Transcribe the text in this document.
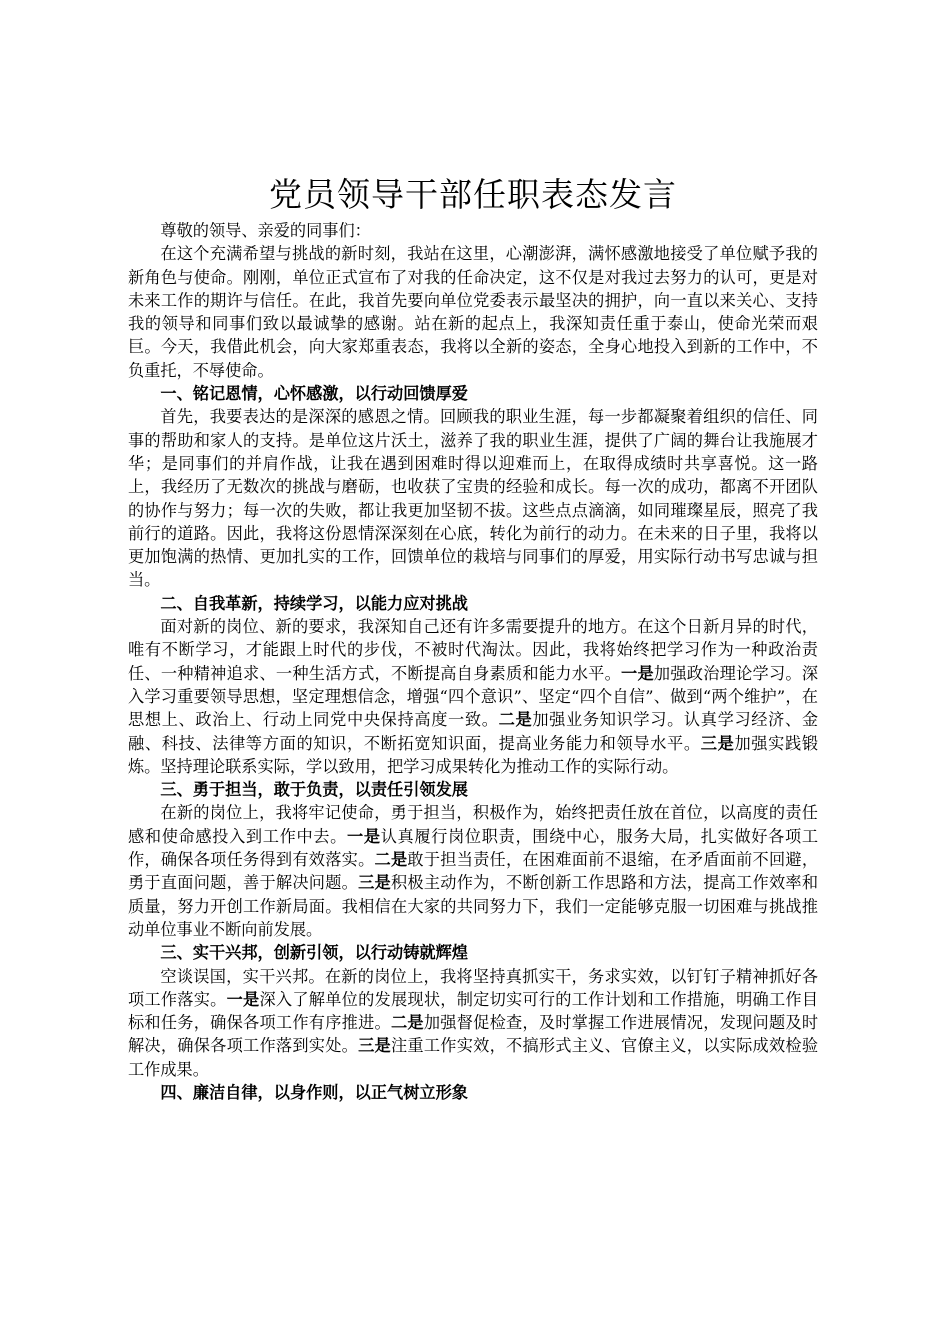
党员领导干部任职表态发言

尊敬的领导、亲爱的同事们：

在这个充满希望与挑战的新时刻，我站在这里，心潮澎湃，满怀感激地接受了单位赋予我的新角色与使命。刚刚，单位正式宣布了对我的任命决定，这不仅是对我过去努力的认可，更是对未来工作的期许与信任。在此，我首先要向单位党委表示最坚决的拥护，向一直以来关心、支持我的领导和同事们致以最诚挚的感谢。站在新的起点上，我深知责任重于泰山，使命光荣而艰巨。今天，我借此机会，向大家郑重表态，我将以全新的姿态，全身心地投入到新的工作中，不负重托，不辱使命。

一、铭记恩情，心怀感激，以行动回馈厚爱

首先，我要表达的是深深的感恩之情。回顾我的职业生涯，每一步都凝聚着组织的信任、同事的帮助和家人的支持。是单位这片沃土，滋养了我的职业生涯，提供了广阔的舞台让我施展才华；是同事们的并肩作战，让我在遇到困难时得以迎难而上，在取得成绩时共享喜悦。这一路上，我经历了无数次的挑战与磨砺，也收获了宝贵的经验和成长。每一次的成功，都离不开团队的协作与努力；每一次的失败，都让我更加坚韧不拔。这些点点滴滴，如同璀璨星辰，照亮了我前行的道路。因此，我将这份恩情深深刻在心底，转化为前行的动力。在未来的日子里，我将以更加饱满的热情、更加扎实的工作，回馈单位的栽培与同事们的厚爱，用实际行动书写忠诚与担当。

二、自我革新，持续学习，以能力应对挑战

面对新的岗位、新的要求，我深知自己还有许多需要提升的地方。在这个日新月异的时代，唯有不断学习，才能跟上时代的步伐，不被时代淘汰。因此，我将始终把学习作为一种政治责任、一种精神追求、一种生活方式，不断提高自身素质和能力水平。一是加强政治理论学习。深入学习重要领导思想，坚定理想信念，增强“四个意识”、坚定“四个自信”、做到“两个维护”，在思想上、政治上、行动上同党中央保持高度一致。二是加强业务知识学习。认真学习经济、金融、科技、法律等方面的知识，不断拓宽知识面，提高业务能力和领导水平。三是加强实践锻炼。坚持理论联系实际，学以致用，把学习成果转化为推动工作的实际行动。

三、勇于担当，敢于负责，以责任引领发展

在新的岗位上，我将牢记使命，勇于担当，积极作为，始终把责任放在首位，以高度的责任感和使命感投入到工作中去。一是认真履行岗位职责，围绕中心，服务大局，扎实做好各项工作，确保各项任务得到有效落实。二是敢于担当责任，在困难面前不退缩，在矛盾面前不回避，勇于直面问题，善于解决问题。三是积极主动作为，不断创新工作思路和方法，提高工作效率和质量，努力开创工作新局面。我相信在大家的共同努力下，我们一定能够克服一切困难与挑战推动单位事业不断向前发展。

三、实干兴邦，创新引领，以行动铸就辉煌

空谈误国，实干兴邦。在新的岗位上，我将坚持真抓实干，务求实效，以钉钉子精神抓好各项工作落实。一是深入了解单位的发展现状，制定切实可行的工作计划和工作措施，明确工作目标和任务，确保各项工作有序推进。二是加强督促检查，及时掌握工作进展情况，发现问题及时解决，确保各项工作落到实处。三是注重工作实效，不搞形式主义、官僚主义，以实际成效检验工作成果。

四、廉洁自律，以身作则，以正气树立形象
